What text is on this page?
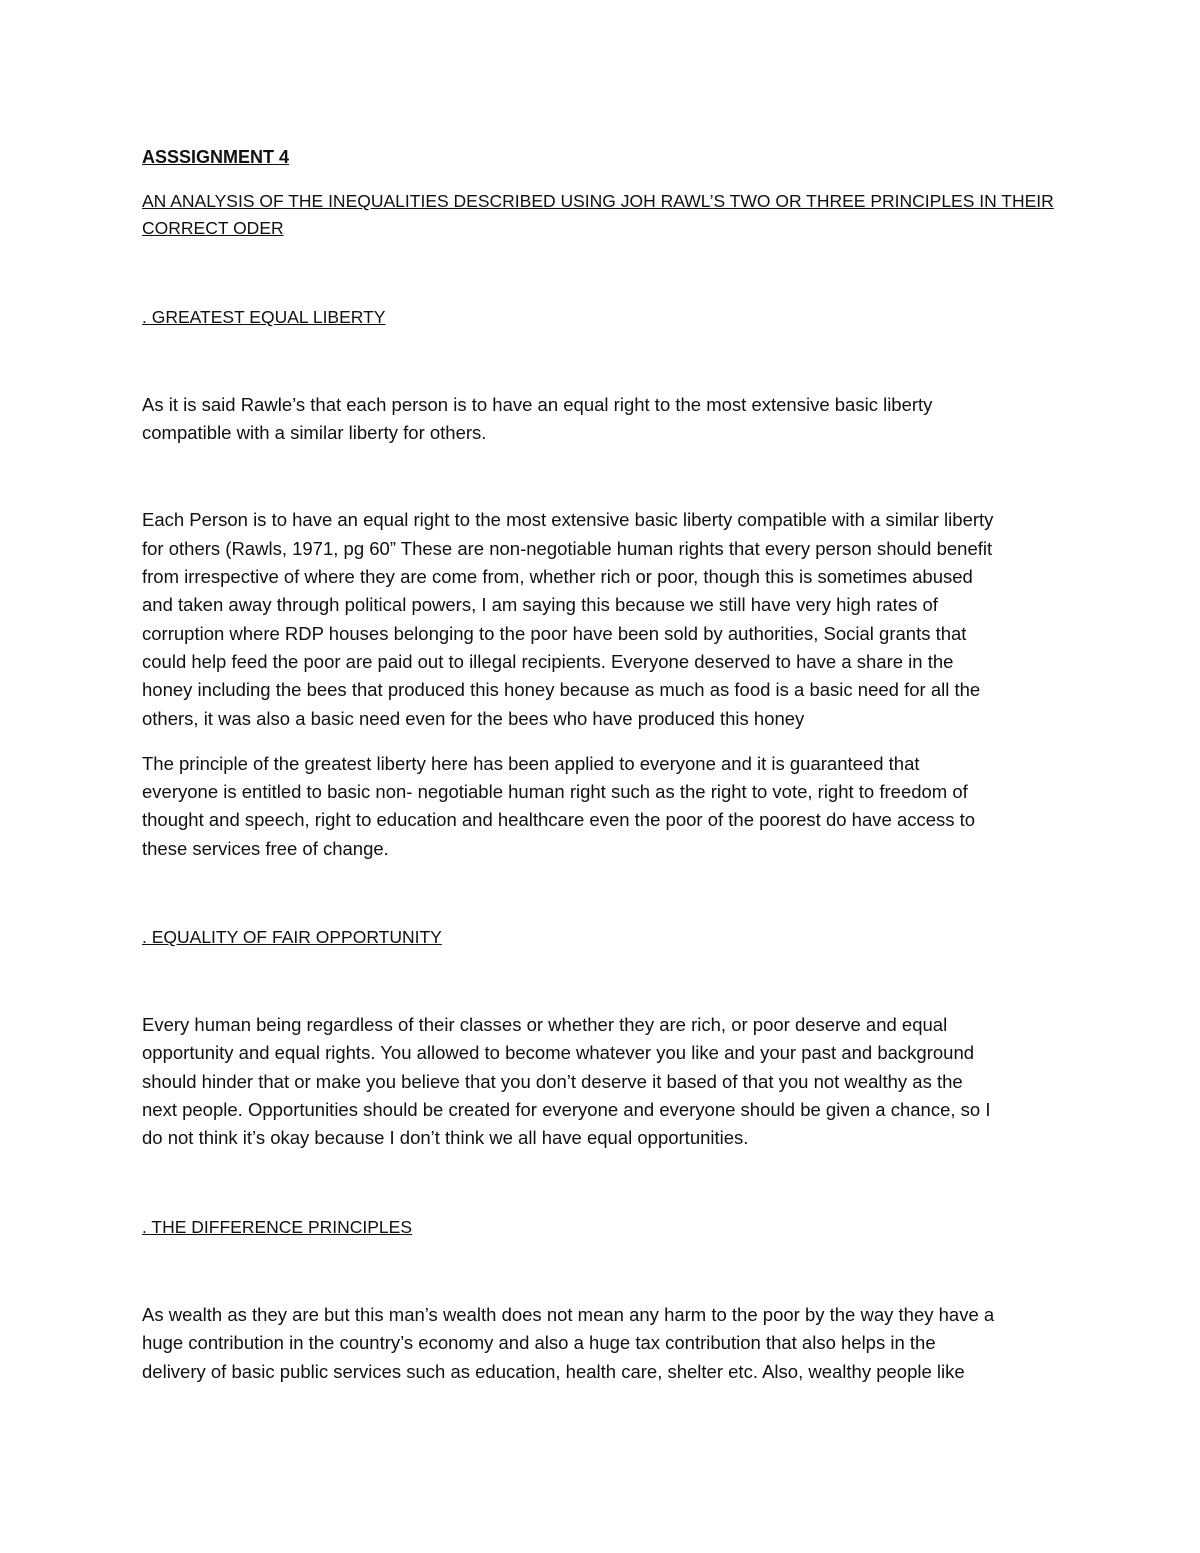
ASSSIGNMENT 4

AN ANALYSIS OF THE INEQUALITIES DESCRIBED USING JOH RAWL’S TWO OR THREE PRINCIPLES IN THEIR

CORRECT ODER

. GREATEST EQUAL LIBERTY

As it is said Rawle’s that each person is to have an equal right to the most extensive basic liberty

compatible with a similar liberty for others.

Each Person is to have an equal right to the most extensive basic liberty compatible with a similar liberty

for others (Rawls, 1971, pg 60” These are non-negotiable human rights that every person should benefit

from irrespective of where they are come from, whether rich or poor, though this is sometimes abused

and taken away through political powers, I am saying this because we still have very high rates of

corruption where RDP houses belonging to the poor have been sold by authorities, Social grants that

could help feed the poor are paid out to illegal recipients. Everyone deserved to have a share in the

honey including the bees that produced this honey because as much as food is a basic need for all the

others, it was also a basic need even for the bees who have produced this honey

The principle of the greatest liberty here has been applied to everyone and it is guaranteed that

everyone is entitled to basic non- negotiable human right such as the right to vote, right to freedom of

thought and speech, right to education and healthcare even the poor of the poorest do have access to

these services free of change.

. EQUALITY OF FAIR OPPORTUNITY

Every human being regardless of their classes or whether they are rich, or poor deserve and equal

opportunity and equal rights. You allowed to become whatever you like and your past and background

should hinder that or make you believe that you don’t deserve it based of that you not wealthy as the

next people. Opportunities should be created for everyone and everyone should be given a chance, so I

do not think it’s okay because I don’t think we all have equal opportunities.

. THE DIFFERENCE PRINCIPLES

As wealth as they are but this man’s wealth does not mean any harm to the poor by the way they have a

huge contribution in the country’s economy and also a huge tax contribution that also helps in the

delivery of basic public services such as education, health care, shelter etc. Also, wealthy people like
